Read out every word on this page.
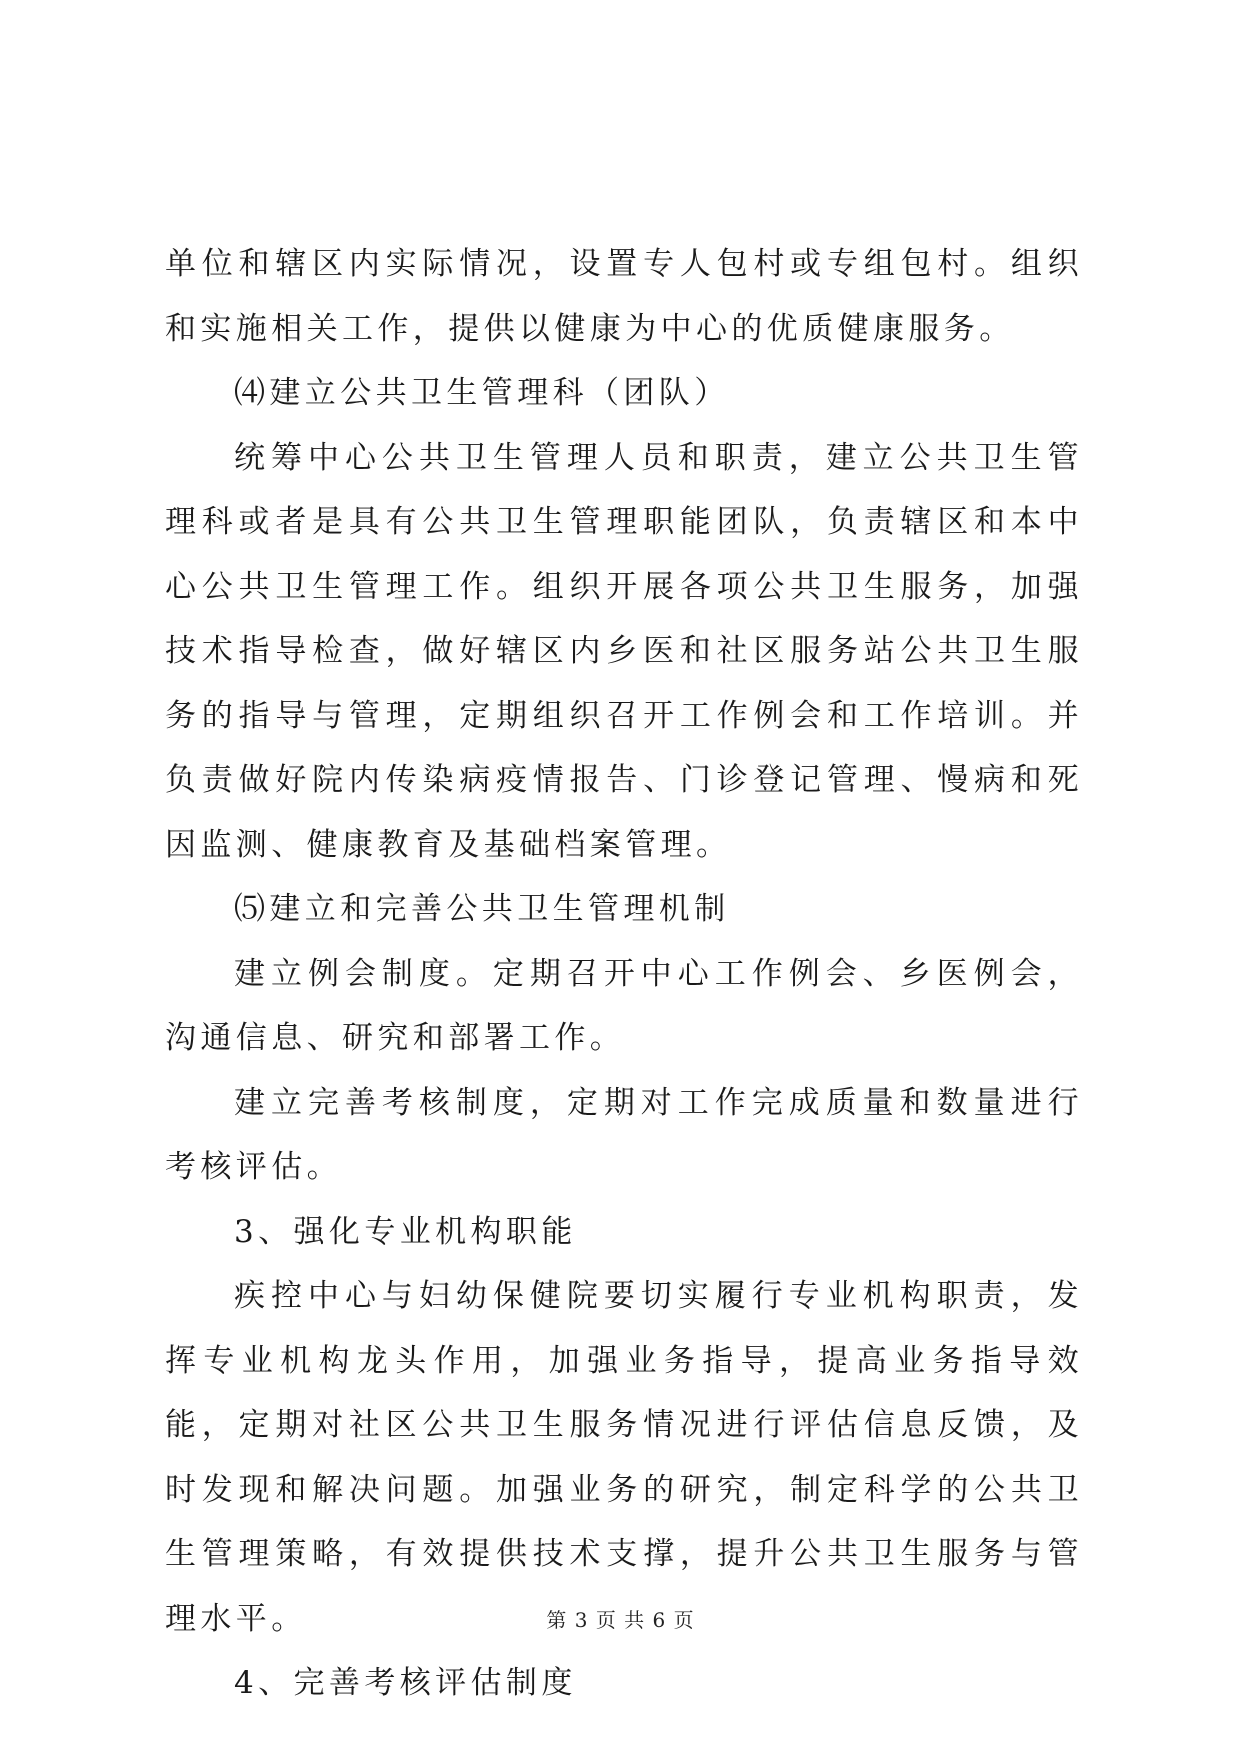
单位和辖区内实际情况，设置专人包村或专组包村。组织和实施相关工作，提供以健康为中心的优质健康服务。

⑷建立公共卫生管理科（团队）

统筹中心公共卫生管理人员和职责，建立公共卫生管理科或者是具有公共卫生管理职能团队，负责辖区和本中心公共卫生管理工作。组织开展各项公共卫生服务，加强技术指导检查，做好辖区内乡医和社区服务站公共卫生服务的指导与管理，定期组织召开工作例会和工作培训。并负责做好院内传染病疫情报告、门诊登记管理、慢病和死因监测、健康教育及基础档案管理。

⑸建立和完善公共卫生管理机制

建立例会制度。定期召开中心工作例会、乡医例会，沟通信息、研究和部署工作。

建立完善考核制度，定期对工作完成质量和数量进行考核评估。

3、强化专业机构职能

疾控中心与妇幼保健院要切实履行专业机构职责，发挥专业机构龙头作用，加强业务指导，提高业务指导效能，定期对社区公共卫生服务情况进行评估信息反馈，及时发现和解决问题。加强业务的研究，制定科学的公共卫生管理策略，有效提供技术支撑，提升公共卫生服务与管理水平。

4、完善考核评估制度

第 3 页 共 6 页
